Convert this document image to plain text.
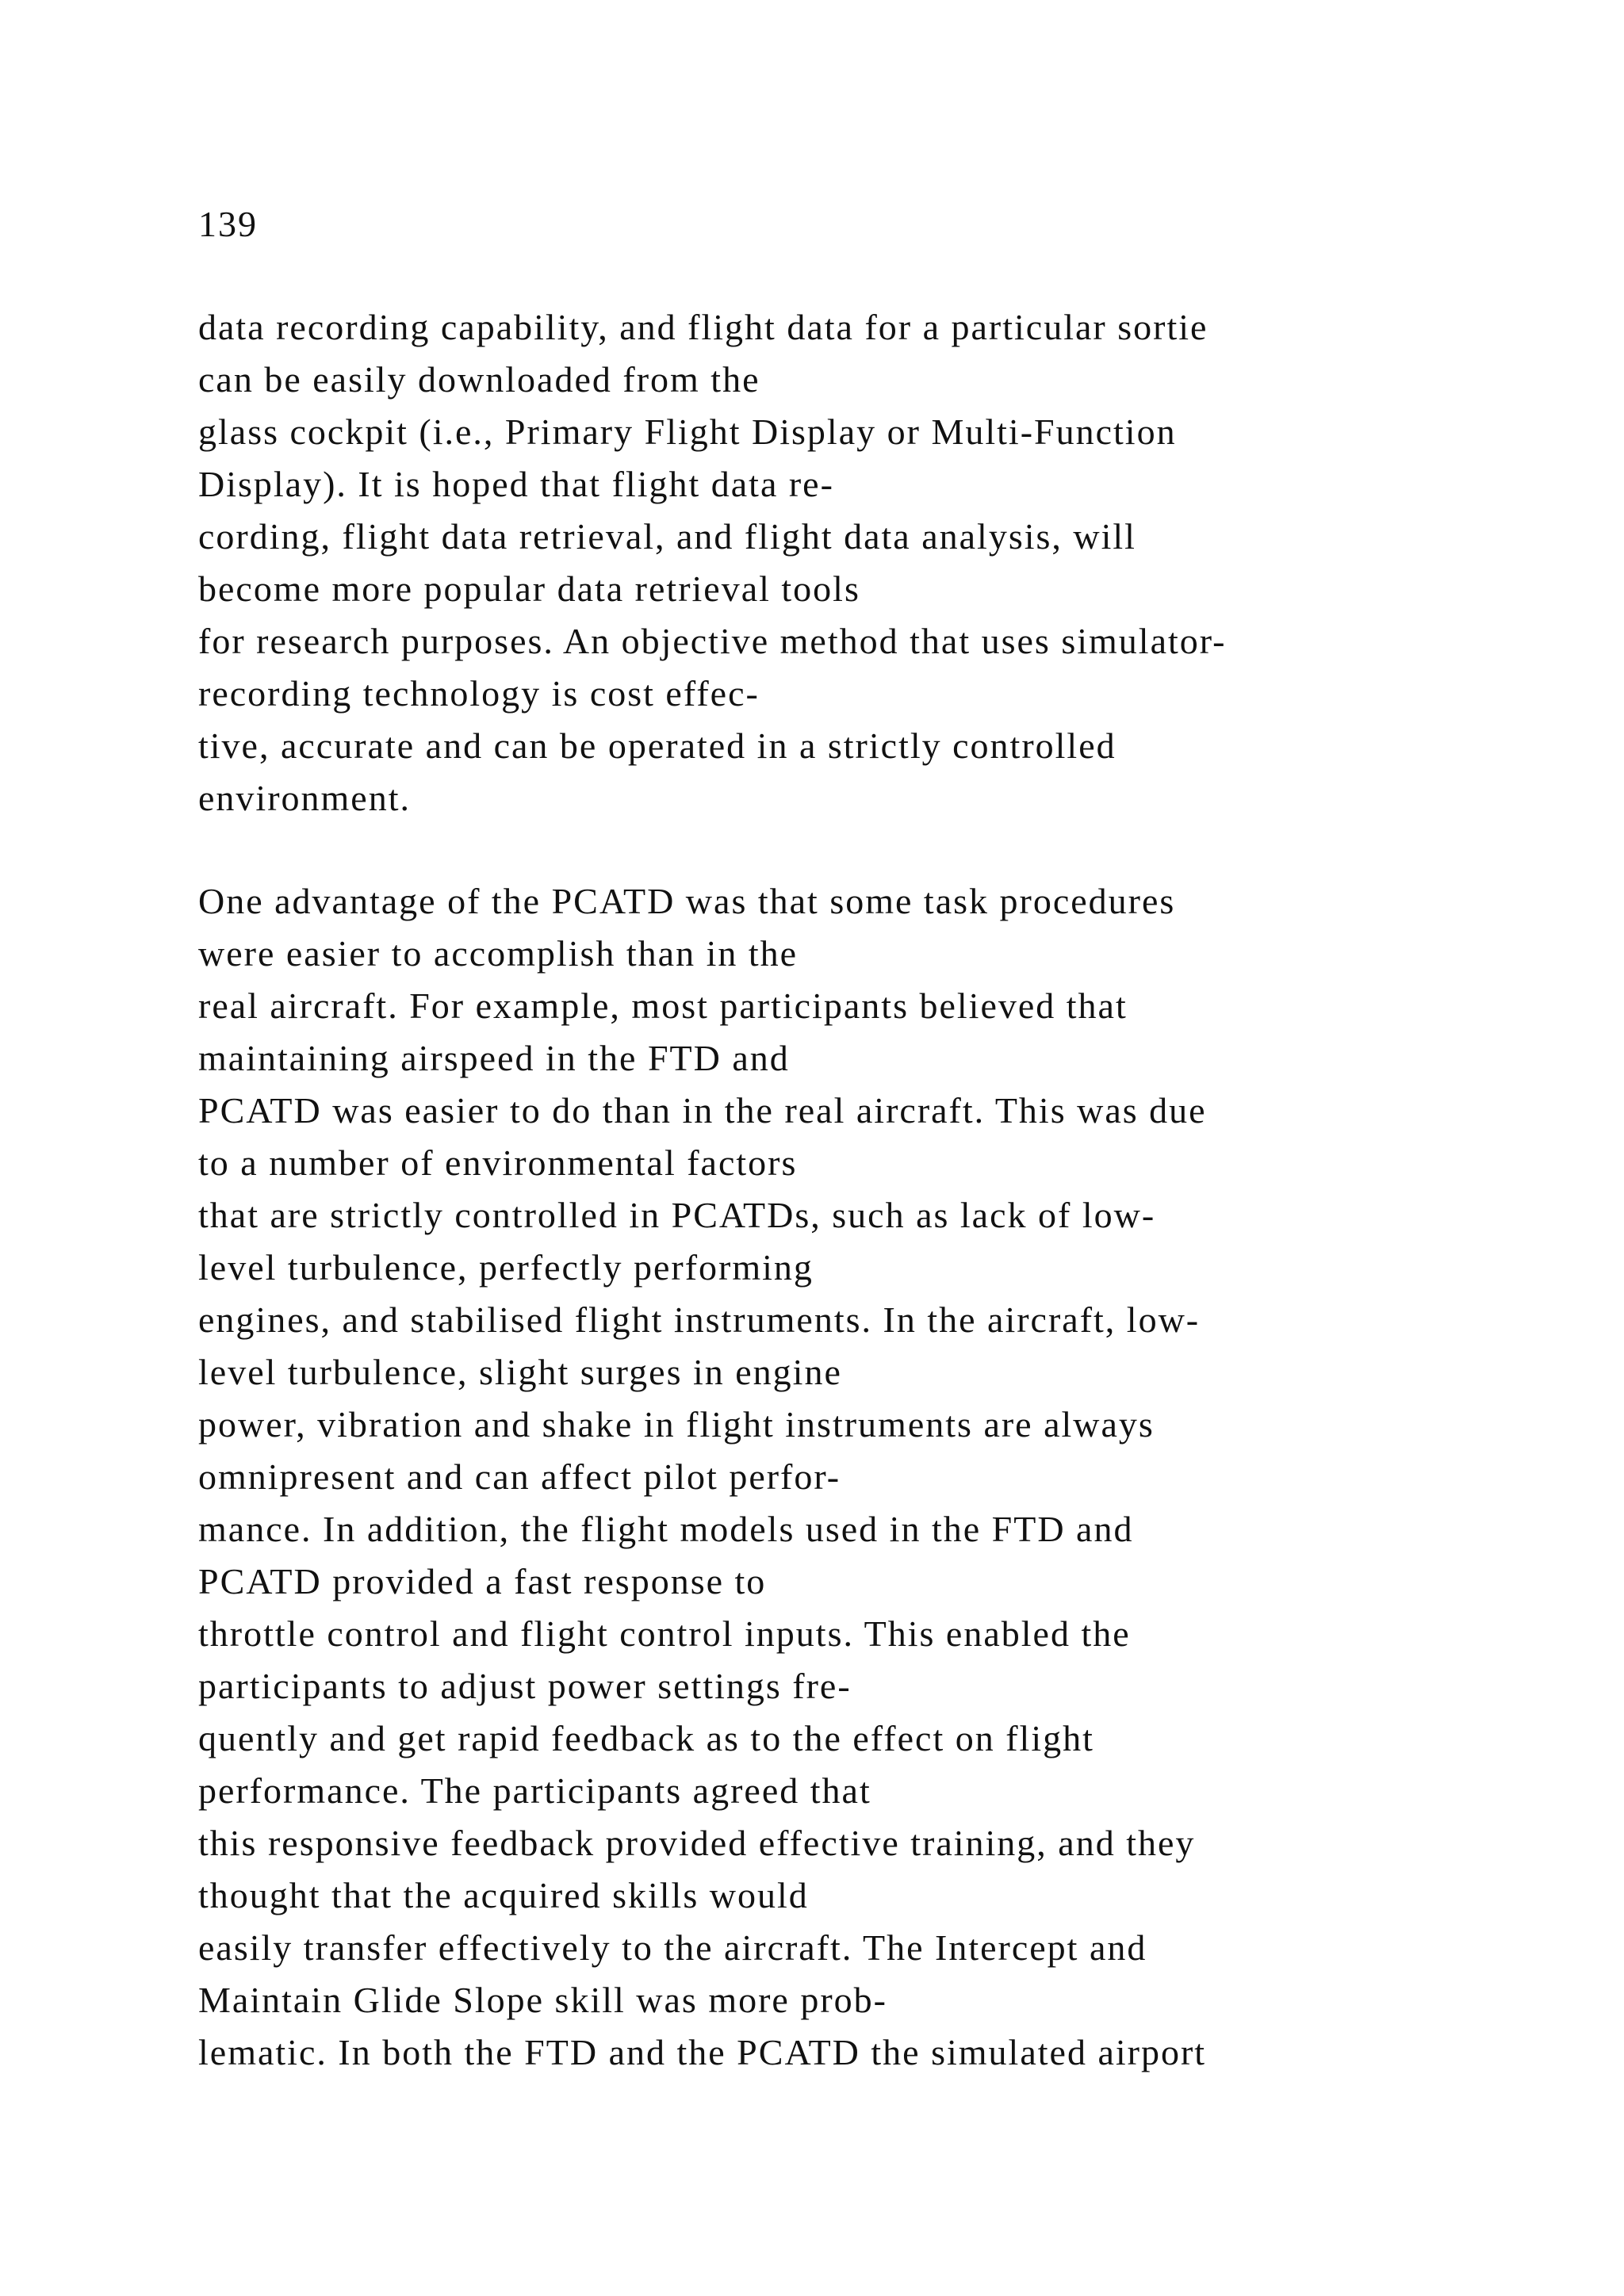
139

data recording capability, and flight data for a particular sortie
can be easily downloaded from the
glass cockpit (i.e., Primary Flight Display or Multi-Function
Display). It is hoped that flight data re-
cording, flight data retrieval, and flight data analysis, will
become more popular data retrieval tools
for research purposes. An objective method that uses simulator-
recording technology is cost effec-
tive, accurate and can be operated in a strictly controlled
environment.

One advantage of the PCATD was that some task procedures
were easier to accomplish than in the
real aircraft. For example, most participants believed that
maintaining airspeed in the FTD and
PCATD was easier to do than in the real aircraft. This was due
to a number of environmental factors
that are strictly controlled in PCATDs, such as lack of low-
level turbulence, perfectly performing
engines, and stabilised flight instruments. In the aircraft, low-
level turbulence, slight surges in engine
power, vibration and shake in flight instruments are always
omnipresent and can affect pilot perfor-
mance. In addition, the flight models used in the FTD and
PCATD provided a fast response to
throttle control and flight control inputs. This enabled the
participants to adjust power settings fre-
quently and get rapid feedback as to the effect on flight
performance. The participants agreed that
this responsive feedback provided effective training, and they
thought that the acquired skills would
easily transfer effectively to the aircraft. The Intercept and
Maintain Glide Slope skill was more prob-
lematic. In both the FTD and the PCATD the simulated airport
